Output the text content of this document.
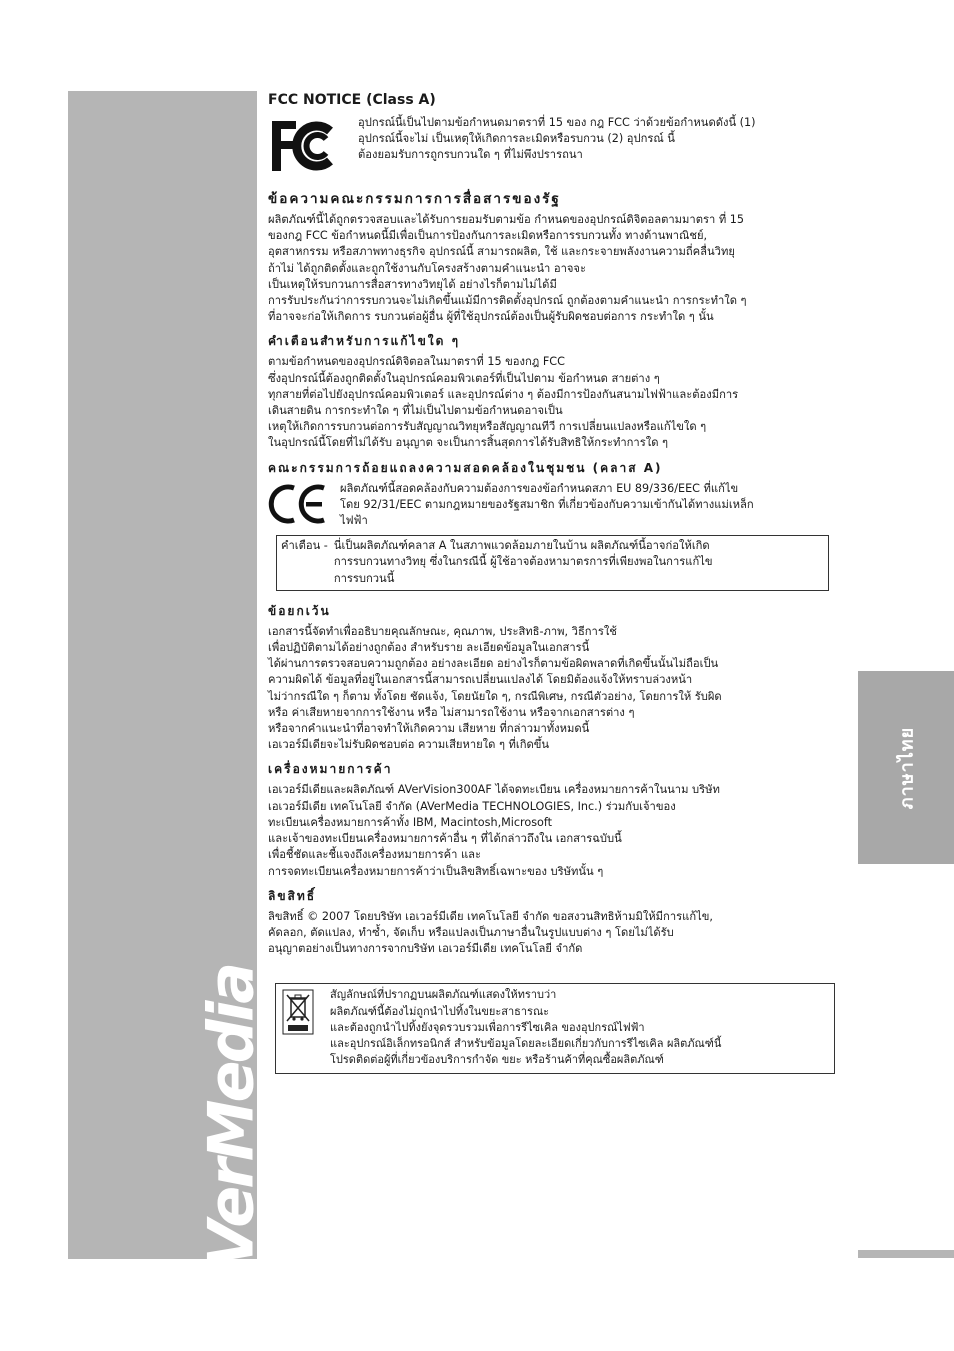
AVerMedia
ภาษาไทย
FCC NOTICE (Class A)
อุปกรณ์นี้เป็นไปตามข้อกำหนดมาตราที่ 15 ของ กฎ FCC ว่าด้วยข้อกำหนดดังนี้ (1)
อุปกรณ์นี้จะไม่ เป็นเหตุให้เกิดการละเมิดหรือรบกวน (2) อุปกรณ์ นี้
ต้องยอมรับการถูกรบกวนใด ๆ ที่ไม่พึงปรารถนา
ข้อความคณะกรรมการการสื่อสารของรัฐ
ผลิตภัณฑ์นี้ได้ถูกตรวจสอบและได้รับการยอมรับตามข้อ กำหนดของอุปกรณ์ดิจิตอลตามมาตรา ที่ 15
ของกฎ FCC ข้อกำหนดนี้มีเพื่อเป็นการป้องกันการละเมิดหรือการรบกวนทั้ง ทางด้านพาณิชย์,
อุตสาหกรรม หรือสภาพทางธุรกิจ อุปกรณ์นี้ สามารถผลิต, ใช้ และกระจายพลังงานความถี่คลื่นวิทยุ
ถ้าไม่ ได้ถูกติดตั้งและถูกใช้งานกับโครงสร้างตามคำแนะนำ อาจจะ
เป็นเหตุให้รบกวนการสื่อสารทางวิทยุได้ อย่างไรก็ตามไม่ได้มี
การรับประกันว่าการรบกวนจะไม่เกิดขึ้นแม้มีการติดตั้งอุปกรณ์ ถูกต้องตามคำแนะนำ การกระทำใด ๆ
ที่อาจจะก่อให้เกิดการ รบกวนต่อผู้อื่น ผู้ที่ใช้อุปกรณ์ต้องเป็นผู้รับผิดชอบต่อการ กระทำใด ๆ นั้น
คำเตือนสำหรับการแก้ไขใด ๆ
ตามข้อกำหนดของอุปกรณ์ดิจิตอลในมาตราที่ 15 ของกฎ FCC
ซึ่งอุปกรณ์นี้ต้องถูกติดตั้งในอุปกรณ์คอมพิวเตอร์ที่เป็นไปตาม ข้อกำหนด สายต่าง ๆ
ทุกสายที่ต่อไปยังอุปกรณ์คอมพิวเตอร์ และอุปกรณ์ต่าง ๆ ต้องมีการป้องกันสนามไฟฟ้าและต้องมีการ
เดินสายดิน การกระทำใด ๆ ที่ไม่เป็นไปตามข้อกำหนดอาจเป็น
เหตุให้เกิดการรบกวนต่อการรับสัญญาณวิทยุหรือสัญญาณทีวี การเปลี่ยนแปลงหรือแก้ไขใด ๆ
ในอุปกรณ์นี้โดยที่ไม่ได้รับ อนุญาต จะเป็นการสิ้นสุดการได้รับสิทธิให้กระทำการใด ๆ
คณะกรรมการถ้อยแถลงความสอดคล้องในชุมชน (คลาส A)
ผลิตภัณฑ์นี้สอดคล้องกับความต้องการของข้อกำหนดสภา EU 89/336/EEC ที่แก้ไข
โดย 92/31/EEC ตามกฎหมายของรัฐสมาชิก ที่เกี่ยวข้องกับความเข้ากันได้ทางแม่เหล็ก
ไฟฟ้า
คำเตือน - นี่เป็นผลิตภัณฑ์คลาส A ในสภาพแวดล้อมภายในบ้าน ผลิตภัณฑ์นี้อาจก่อให้เกิด
การรบกวนทางวิทยุ ซึ่งในกรณีนี้ ผู้ใช้อาจต้องหามาตรการที่เพียงพอในการแก้ไข
การรบกวนนี้
ข้อยกเว้น
เอกสารนี้จัดทำเพื่ออธิบายคุณลักษณะ, คุณภาพ, ประสิทธิ-ภาพ, วิธีการใช้
เพื่อปฏิบัติตามได้อย่างถูกต้อง สำหรับราย ละเอียดข้อมูลในเอกสารนี้
ได้ผ่านการตรวจสอบความถูกต้อง อย่างละเอียด อย่างไรก็ตามข้อผิดพลาดที่เกิดขึ้นนั้นไม่ถือเป็น
ความผิดได้ ข้อมูลที่อยู่ในเอกสารนี้สามารถเปลี่ยนแปลงได้ โดยมิต้องแจ้งให้ทราบล่วงหน้า
ไม่ว่ากรณีใด ๆ ก็ตาม ทั้งโดย ชัดแจ้ง, โดยนัยใด ๆ, กรณีพิเศษ, กรณีตัวอย่าง, โดยการให้ รับผิด
หรือ ค่าเสียหายจากการใช้งาน หรือ ไม่สามารถใช้งาน หรือจากเอกสารต่าง ๆ
หรือจากคำแนะนำที่อาจทำให้เกิดความ เสียหาย ที่กล่าวมาทั้งหมดนี้
เอเวอร์มีเดียจะไม่รับผิดชอบต่อ ความเสียหายใด ๆ ที่เกิดขึ้น
เครื่องหมายการค้า
เอเวอร์มีเดียและผลิตภัณฑ์ AVerVision300AF ได้จดทะเบียน เครื่องหมายการค้าในนาม บริษัท
เอเวอร์มีเดีย เทคโนโลยี จำกัด (AVerMedia TECHNOLOGIES, Inc.) ร่วมกับเจ้าของ
ทะเบียนเครื่องหมายการค้าทั้ง IBM, Macintosh,Microsoft
และเจ้าของทะเบียนเครื่องหมายการค้าอื่น ๆ ที่ได้กล่าวถึงใน เอกสารฉบับนี้
เพื่อชี้ชัดและชี้แจงถึงเครื่องหมายการค้า และ
การจดทะเบียนเครื่องหมายการค้าว่าเป็นลิขสิทธิ์เฉพาะของ บริษัทนั้น ๆ
ลิขสิทธิ์
ลิขสิทธิ์ © 2007 โดยบริษัท เอเวอร์มีเดีย เทคโนโลยี จำกัด ขอสงวนสิทธิห้ามมิให้มีการแก้ไข,
คัดลอก, ตัดแปลง, ทำซ้ำ, จัดเก็บ หรือแปลงเป็นภาษาอื่นในรูปแบบต่าง ๆ โดยไม่ได้รับ
อนุญาตอย่างเป็นทางการจากบริษัท เอเวอร์มีเดีย เทคโนโลยี จำกัด
สัญลักษณ์ที่ปรากฏบนผลิตภัณฑ์แสดงให้ทราบว่า
ผลิตภัณฑ์นี้ต้องไม่ถูกนำไปทิ้งในขยะสาธารณะ
และต้องถูกนำไปทิ้งยังจุดรวบรวมเพื่อการรีไซเคิล ของอุปกรณ์ไฟฟ้า
และอุปกรณ์อิเล็กทรอนิกส์ สำหรับข้อมูลโดยละเอียดเกี่ยวกับการรีไซเคิล ผลิตภัณฑ์นี้
โปรดติดต่อผู้ที่เกี่ยวข้องบริการกำจัด ขยะ หรือร้านค้าที่คุณซื้อผลิตภัณฑ์
